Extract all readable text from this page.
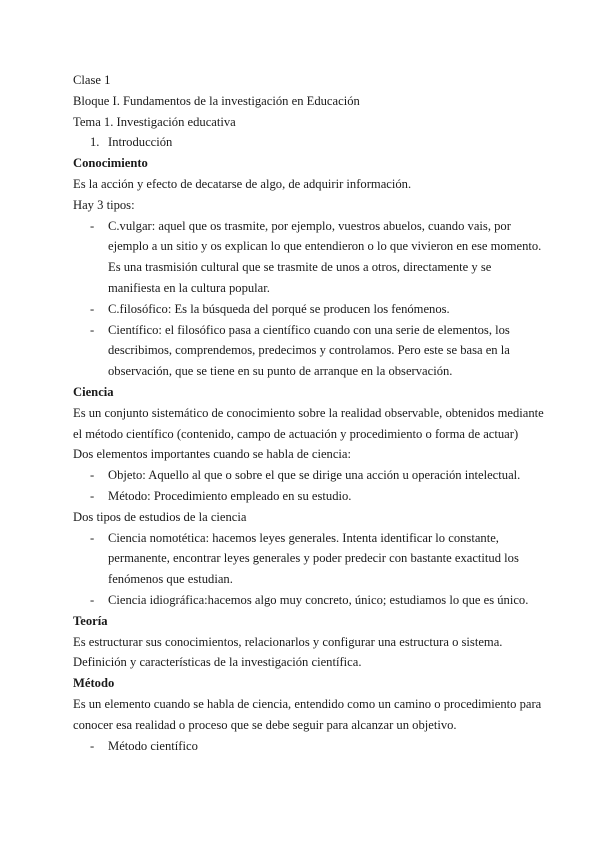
Clase 1
Bloque I. Fundamentos de la investigación en Educación
Tema 1. Investigación educativa
1. Introducción
Conocimiento
Es la acción y efecto de decatarse de algo, de adquirir información.
Hay 3 tipos:
-	C.vulgar: aquel que os trasmite, por ejemplo, vuestros abuelos, cuando vais, por
ejemplo a un sitio y os explican lo que entendieron o lo que vivieron en ese momento.
Es una trasmisión cultural que se trasmite de unos a otros, directamente y se
manifiesta en la cultura popular.
-	C.filosófico: Es la búsqueda del porqué se producen los fenómenos.
-	Científico: el filosófico pasa a científico cuando con una serie de elementos, los
describimos, comprendemos, predecimos y controlamos. Pero este se basa en la
observación, que se tiene en su punto de arranque en la observación.
Ciencia
Es un conjunto sistemático de conocimiento sobre la realidad observable, obtenidos mediante
el método científico (contenido, campo de actuación y procedimiento o forma de actuar)
Dos elementos importantes cuando se habla de ciencia:
-	Objeto: Aquello al que o sobre el que se dirige una acción u operación intelectual.
-	Método: Procedimiento empleado en su estudio.
Dos tipos de estudios de la ciencia
-	Ciencia nomotética: hacemos leyes generales. Intenta identificar lo constante,
permanente, encontrar leyes generales y poder predecir con bastante exactitud los
fenómenos que estudian.
-	Ciencia idiográfica:hacemos algo muy concreto, único; estudiamos lo que es único.
Teoría
Es estructurar sus conocimientos, relacionarlos y configurar una estructura o sistema.
Definición y características de la investigación científica.
Método
Es un elemento cuando se habla de ciencia, entendido como un camino o procedimiento para
conocer esa realidad o proceso que se debe seguir para alcanzar un objetivo.
-	Método científico
